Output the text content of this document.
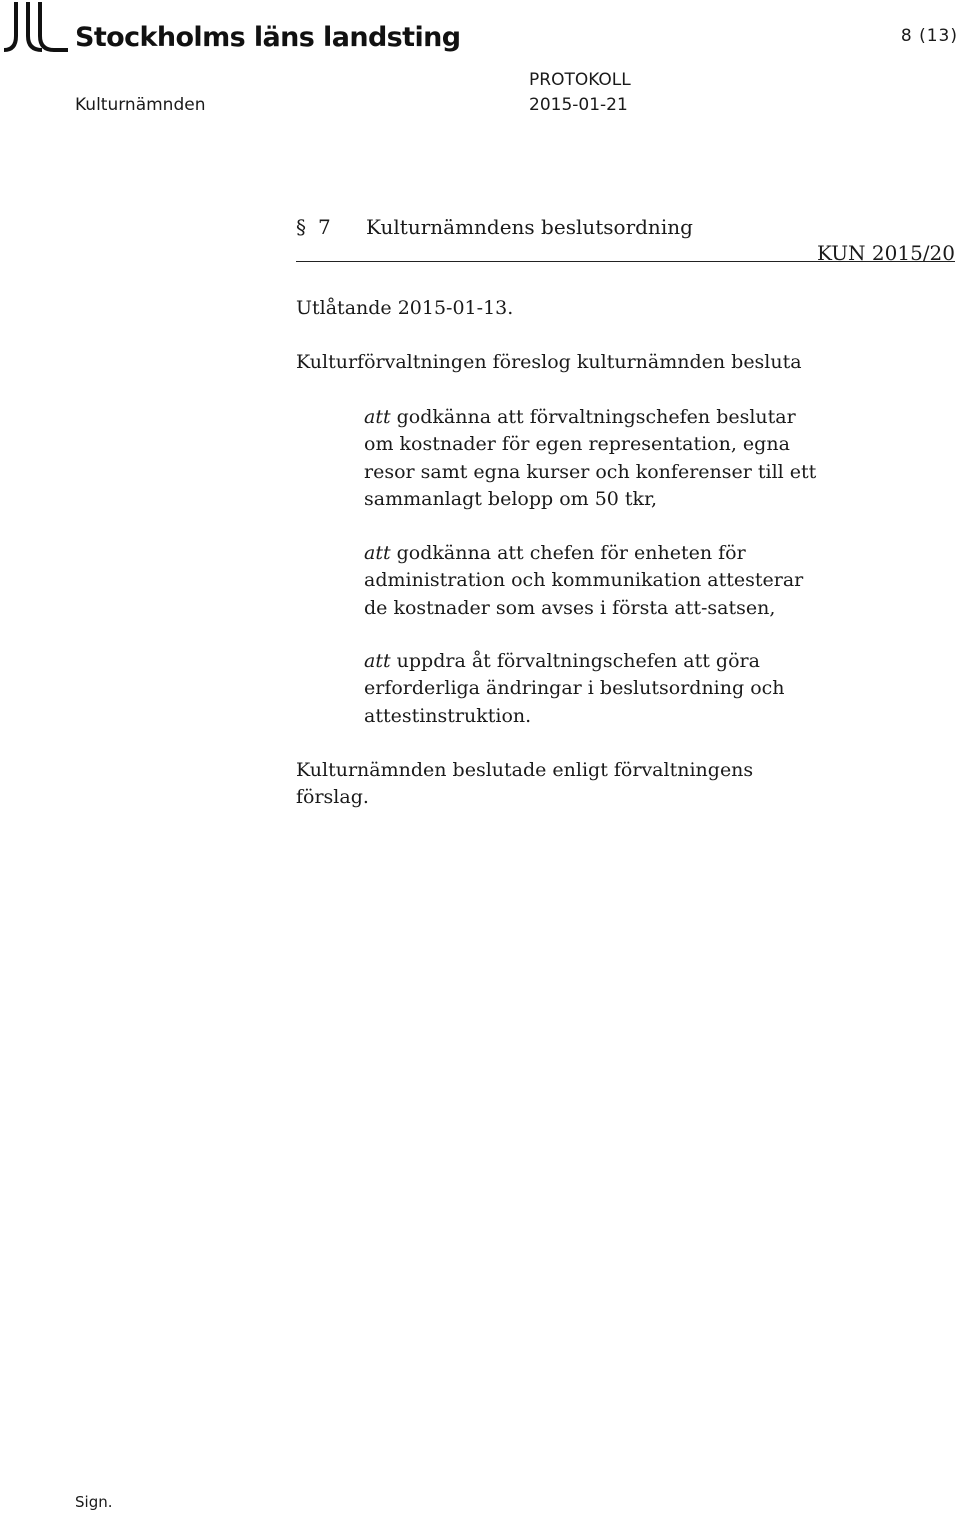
Stockholms läns landsting	8 (13)
Kulturnämnden
PROTOKOLL
2015-01-21
§ 7 Kulturnämndens beslutsordning
KUN 2015/20
Utlåtande 2015-01-13.
Kulturförvaltningen föreslog kulturnämnden besluta
att godkänna att förvaltningschefen beslutar
om kostnader för egen representation, egna
resor samt egna kurser och konferenser till ett
sammanlagt belopp om 50 tkr,
att godkänna att chefen för enheten för
administration och kommunikation attesterar
de kostnader som avses i första att-satsen,
att uppdra åt förvaltningschefen att göra
erforderliga ändringar i beslutsordning och
attestinstruktion.
Kulturnämnden beslutade enligt förvaltningens
förslag.
Sign.
